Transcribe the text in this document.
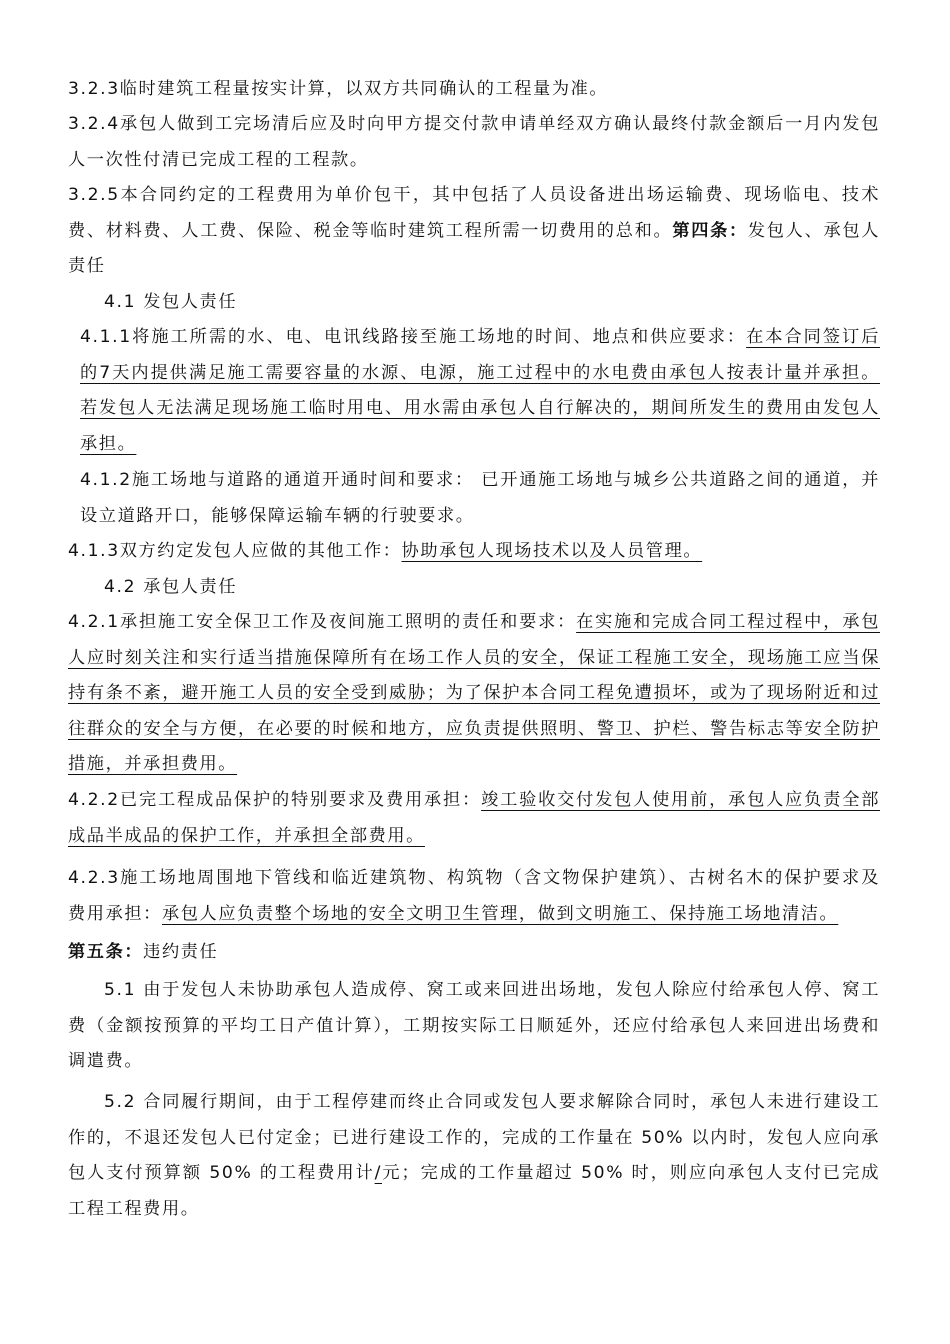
3.2.3临时建筑工程量按实计算，以双方共同确认的工程量为准。
3.2.4承包人做到工完场清后应及时向甲方提交付款申请单经双方确认最终付款金额后一月内发包人一次性付清已完成工程的工程款。
3.2.5本合同约定的工程费用为单价包干，其中包括了人员设备进出场运输费、现场临电、技术费、材料费、人工费、保险、税金等临时建筑工程所需一切费用的总和。第四条：发包人、承包人责任
4.1 发包人责任
4.1.1将施工所需的水、电、电讯线路接至施工场地的时间、地点和供应要求：在本合同签订后的7天内提供满足施工需要容量的水源、电源，施工过程中的水电费由承包人按表计量并承担。若发包人无法满足现场施工临时用电、用水需由承包人自行解决的，期间所发生的费用由发包人承担。
4.1.2施工场地与道路的通道开通时间和要求： 已开通施工场地与城乡公共道路之间的通道，并设立道路开口，能够保障运输车辆的行驶要求。
4.1.3双方约定发包人应做的其他工作：协助承包人现场技术以及人员管理。
4.2 承包人责任
4.2.1承担施工安全保卫工作及夜间施工照明的责任和要求：在实施和完成合同工程过程中，承包人应时刻关注和实行适当措施保障所有在场工作人员的安全，保证工程施工安全，现场施工应当保持有条不紊，避开施工人员的安全受到威胁；为了保护本合同工程免遭损坏，或为了现场附近和过往群众的安全与方便，在必要的时候和地方，应负责提供照明、警卫、护栏、警告标志等安全防护措施，并承担费用。
4.2.2已完工程成品保护的特别要求及费用承担：竣工验收交付发包人使用前，承包人应负责全部成品半成品的保护工作，并承担全部费用。
4.2.3施工场地周围地下管线和临近建筑物、构筑物（含文物保护建筑）、古树名木的保护要求及费用承担：承包人应负责整个场地的安全文明卫生管理，做到文明施工、保持施工场地清洁。
第五条：违约责任
5.1 由于发包人未协助承包人造成停、窝工或来回进出场地，发包人除应付给承包人停、窝工费（金额按预算的平均工日产值计算），工期按实际工日顺延外，还应付给承包人来回进出场费和调遣费。
5.2 合同履行期间，由于工程停建而终止合同或发包人要求解除合同时，承包人未进行建设工作的，不退还发包人已付定金；已进行建设工作的，完成的工作量在 50% 以内时，发包人应向承包人支付预算额 50% 的工程费用计/元；完成的工作量超过 50% 时，则应向承包人支付已完成工程工程费用。
